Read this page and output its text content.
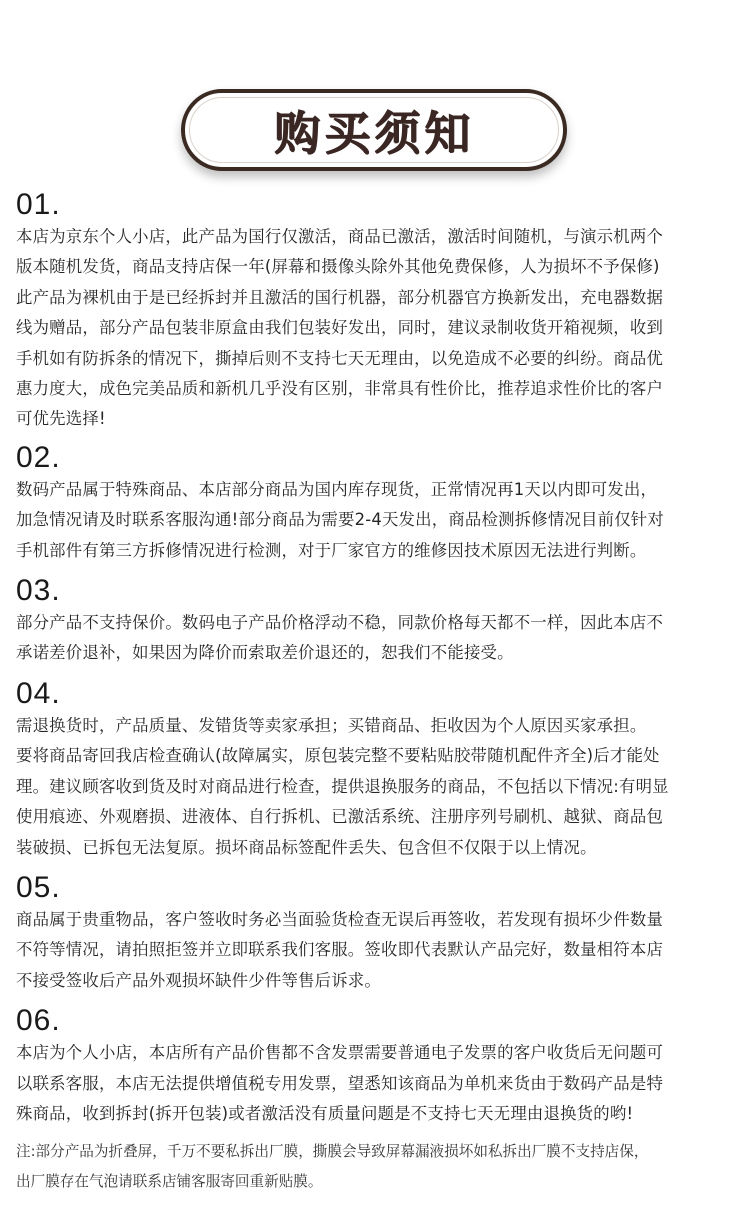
购买须知
01.
本店为京东个人小店，此产品为国行仅激活，商品已激活，激活时间随机，与演示机两个
版本随机发货，商品支持店保一年(屏幕和摄像头除外其他免费保修，人为损坏不予保修)
此产品为裸机由于是已经拆封并且激活的国行机器，部分机器官方换新发出，充电器数据
线为赠品，部分产品包装非原盒由我们包装好发出，同时，建议录制收货开箱视频，收到
手机如有防拆条的情况下，撕掉后则不支持七天无理由，以免造成不必要的纠纷。商品优
惠力度大，成色完美品质和新机几乎没有区别，非常具有性价比，推荐追求性价比的客户
可优先选择!
02.
数码产品属于特殊商品、本店部分商品为国内库存现货，正常情况再1天以内即可发出，
加急情况请及时联系客服沟通!部分商品为需要2-4天发出，商品检测拆修情况目前仅针对
手机部件有第三方拆修情况进行检测，对于厂家官方的维修因技术原因无法进行判断。
03.
部分产品不支持保价。数码电子产品价格浮动不稳，同款价格每天都不一样，因此本店不
承诺差价退补，如果因为降价而索取差价退还的，恕我们不能接受。
04.
需退换货时，产品质量、发错货等卖家承担；买错商品、拒收因为个人原因买家承担。
要将商品寄回我店检查确认(故障属实，原包装完整不要粘贴胶带随机配件齐全)后才能处
理。建议顾客收到货及时对商品进行检查，提供退换服务的商品，不包括以下情况:有明显
使用痕迹、外观磨损、进液体、自行拆机、已激活系统、注册序列号刷机、越狱、商品包
装破损、已拆包无法复原。损坏商品标签配件丢失、包含但不仅限于以上情况。
05.
商品属于贵重物品，客户签收时务必当面验货检查无误后再签收，若发现有损坏少件数量
不符等情况，请拍照拒签并立即联系我们客服。签收即代表默认产品完好，数量相符本店
不接受签收后产品外观损坏缺件少件等售后诉求。
06.
本店为个人小店，本店所有产品价售都不含发票需要普通电子发票的客户收货后无问题可
以联系客服，本店无法提供增值税专用发票，望悉知该商品为单机来货由于数码产品是特
殊商品，收到拆封(拆开包装)或者激活没有质量问题是不支持七天无理由退换货的哟!
注:部分产品为折叠屏，千万不要私拆出厂膜，撕膜会导致屏幕漏液损坏如私拆出厂膜不支持店保，
出厂膜存在气泡请联系店铺客服寄回重新贴膜。
